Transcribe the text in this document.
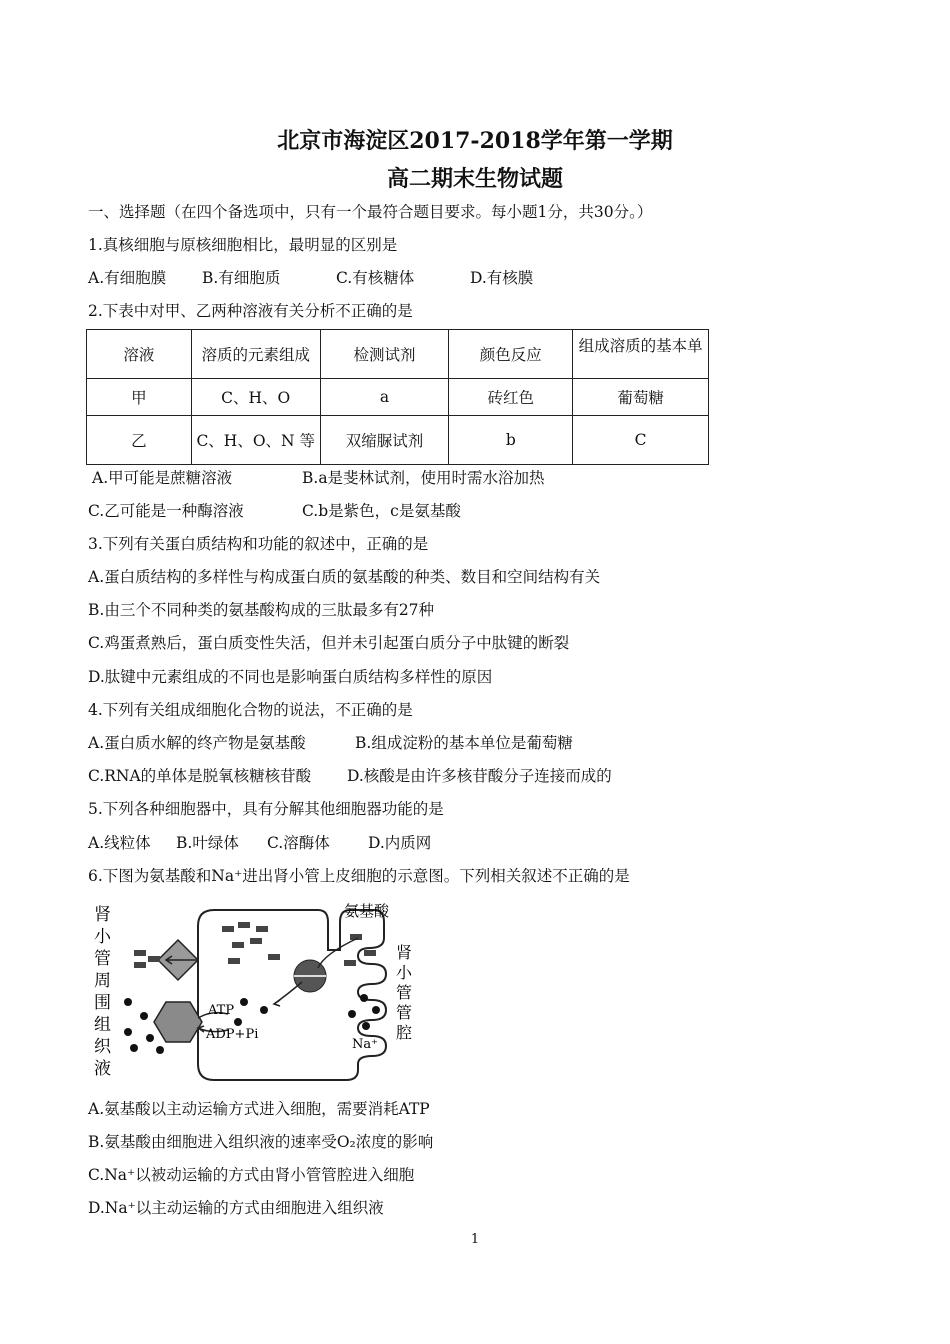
北京市海淀区2017-2018学年第一学期
高二期末生物试题
一、选择题（在四个备选项中，只有一个最符合题目要求。每小题1分，共30分。）
1.真核细胞与原核细胞相比，最明显的区别是
A.有细胞膜 B.有细胞质	C.有核糖体	D.有核膜
2.下表中对甲、乙两种溶液有关分析不正确的是
溶液	溶质的元素组成	检测试剂	颜色反应	组成溶质的基本单
甲	C、H、O	a	砖红色	葡萄糖
乙	C、H、O、N 等	双缩脲试剂	b	C
A.甲可能是蔗糖溶液	B.a是斐林试剂，使用时需水浴加热
C.乙可能是一种酶溶液	C.b是紫色，c是氨基酸
3.下列有关蛋白质结构和功能的叙述中，正确的是
A.蛋白质结构的多样性与构成蛋白质的氨基酸的种类、数目和空间结构有关
B.由三个不同种类的氨基酸构成的三肽最多有27种
C.鸡蛋煮熟后，蛋白质变性失活，但并未引起蛋白质分子中肽键的断裂
D.肽键中元素组成的不同也是影响蛋白质结构多样性的原因
4.下列有关组成细胞化合物的说法，不正确的是
A.蛋白质水解的终产物是氨基酸	B.组成淀粉的基本单位是葡萄糖
C.RNA的单体是脱氧核糖核苷酸 D.核酸是由许多核苷酸分子连接而成的
5.下列各种细胞器中，具有分解其他细胞器功能的是
A.线粒体 B.叶绿体 C.溶酶体 D.内质网
6.下图为氨基酸和Na⁺进出肾小管上皮细胞的示意图。下列相关叙述不正确的是
肾
小
管
周
围
组
织
液
肾
小
管
管
腔
氨基酸
ATP
ADP+Pi
Na⁺
A.氨基酸以主动运输方式进入细胞，需要消耗ATP
B.氨基酸由细胞进入组织液的速率受O₂浓度的影响
C.Na⁺以被动运输的方式由肾小管管腔进入细胞
D.Na⁺以主动运输的方式由细胞进入组织液
1
